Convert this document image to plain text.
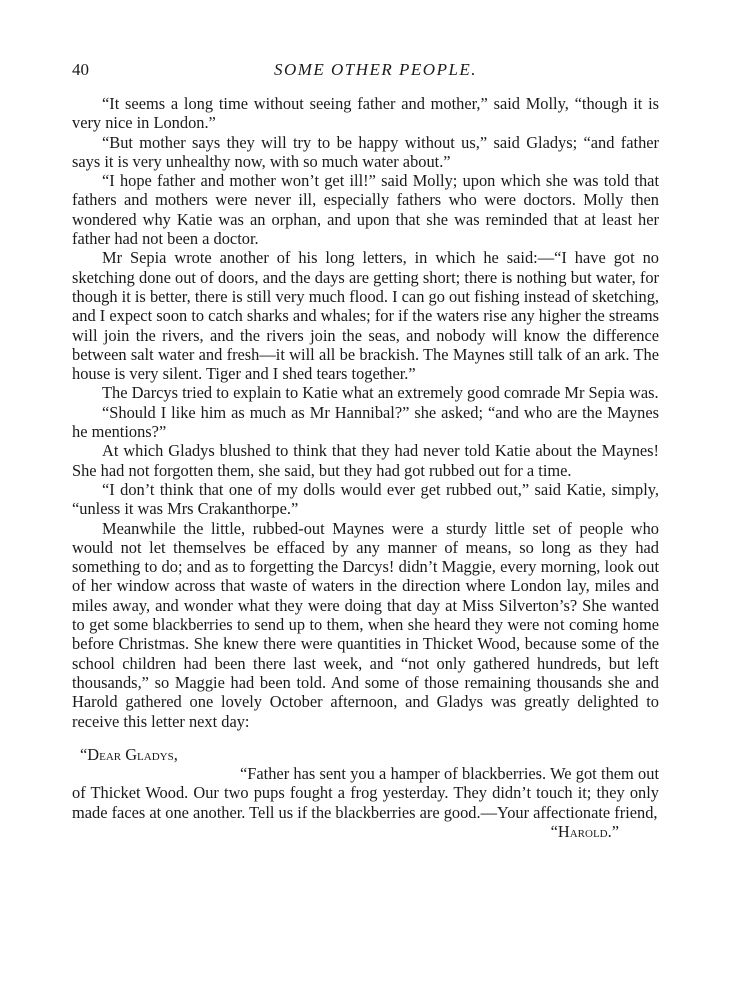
40	SOME OTHER PEOPLE.

“It seems a long time without seeing father and mother,” said Molly, “though it is very nice in London.”

“But mother says they will try to be happy without us,” said Gladys; “and father says it is very unhealthy now, with so much water about.”

“I hope father and mother won’t get ill!” said Molly; upon which she was told that fathers and mothers were never ill, especially fathers who were doctors. Molly then wondered why Katie was an orphan, and upon that she was reminded that at least her father had not been a doctor.

Mr Sepia wrote another of his long letters, in which he said:—“I have got no sketching done out of doors, and the days are getting short; there is nothing but water, for though it is better, there is still very much flood. I can go out fishing instead of sketching, and I expect soon to catch sharks and whales; for if the waters rise any higher the streams will join the rivers, and the rivers join the seas, and nobody will know the difference between salt water and fresh—it will all be brackish. The Maynes still talk of an ark. The house is very silent. Tiger and I shed tears together.”

The Darcys tried to explain to Katie what an extremely good comrade Mr Sepia was.

“Should I like him as much as Mr Hannibal?” she asked; “and who are the Maynes he mentions?”

At which Gladys blushed to think that they had never told Katie about the Maynes! She had not forgotten them, she said, but they had got rubbed out for a time.

“I don’t think that one of my dolls would ever get rubbed out,” said Katie, simply, “unless it was Mrs Crakanthorpe.”

Meanwhile the little, rubbed-out Maynes were a sturdy little set of people who would not let themselves be effaced by any manner of means, so long as they had something to do; and as to forgetting the Darcys! didn’t Maggie, every morning, look out of her window across that waste of waters in the direction where London lay, miles and miles away, and wonder what they were doing that day at Miss Silverton’s? She wanted to get some blackberries to send up to them, when she heard they were not coming home before Christmas. She knew there were quantities in Thicket Wood, because some of the school children had been there last week, and “not only gathered hundreds, but left thousands,” so Maggie had been told. And some of those remaining thousands she and Harold gathered one lovely October afternoon, and Gladys was greatly delighted to receive this letter next day:

“Dear Gladys,

“Father has sent you a hamper of blackberries. We got them out of Thicket Wood. Our two pups fought a frog yesterday. They didn’t touch it; they only made faces at one another. Tell us if the blackberries are good.—Your affectionate friend,

“Harold.”
